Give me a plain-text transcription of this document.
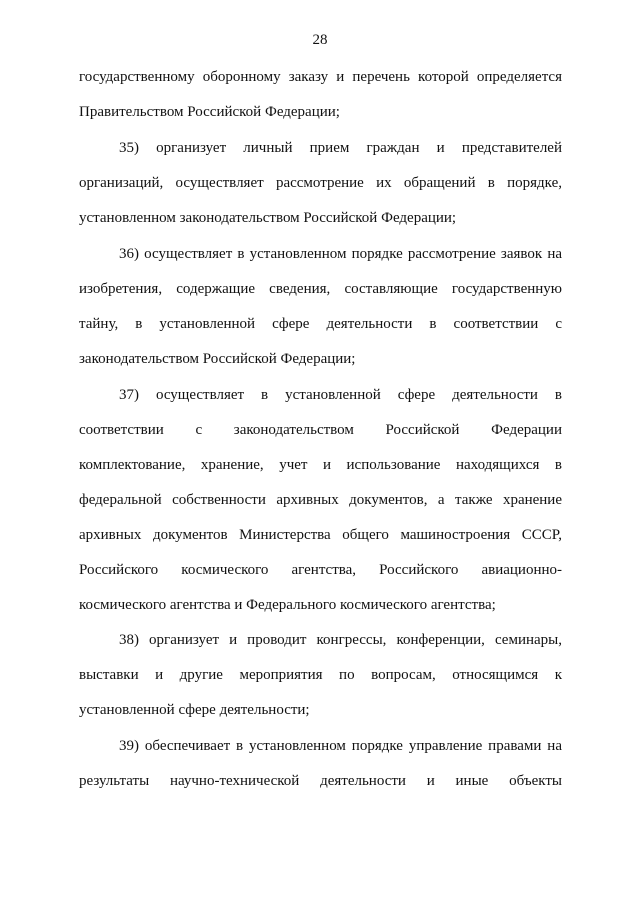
28
государственному оборонному заказу и перечень которой определяется
Правительством Российской Федерации;
35) организует личный прием граждан и представителей
организаций, осуществляет рассмотрение их обращений в порядке,
установленном законодательством Российской Федерации;
36) осуществляет в установленном порядке рассмотрение заявок на
изобретения, содержащие сведения, составляющие государственную
тайну, в установленной сфере деятельности в соответствии с
законодательством Российской Федерации;
37) осуществляет в установленной сфере деятельности в
соответствии с законодательством Российской Федерации
комплектование, хранение, учет и использование находящихся в
федеральной собственности архивных документов, а также хранение
архивных документов Министерства общего машиностроения СССР,
Российского космического агентства, Российского авиационно-
космического агентства и Федерального космического агентства;
38) организует и проводит конгрессы, конференции, семинары,
выставки и другие мероприятия по вопросам, относящимся к
установленной сфере деятельности;
39) обеспечивает в установленном порядке управление правами на
результаты научно-технической деятельности и иные объекты
